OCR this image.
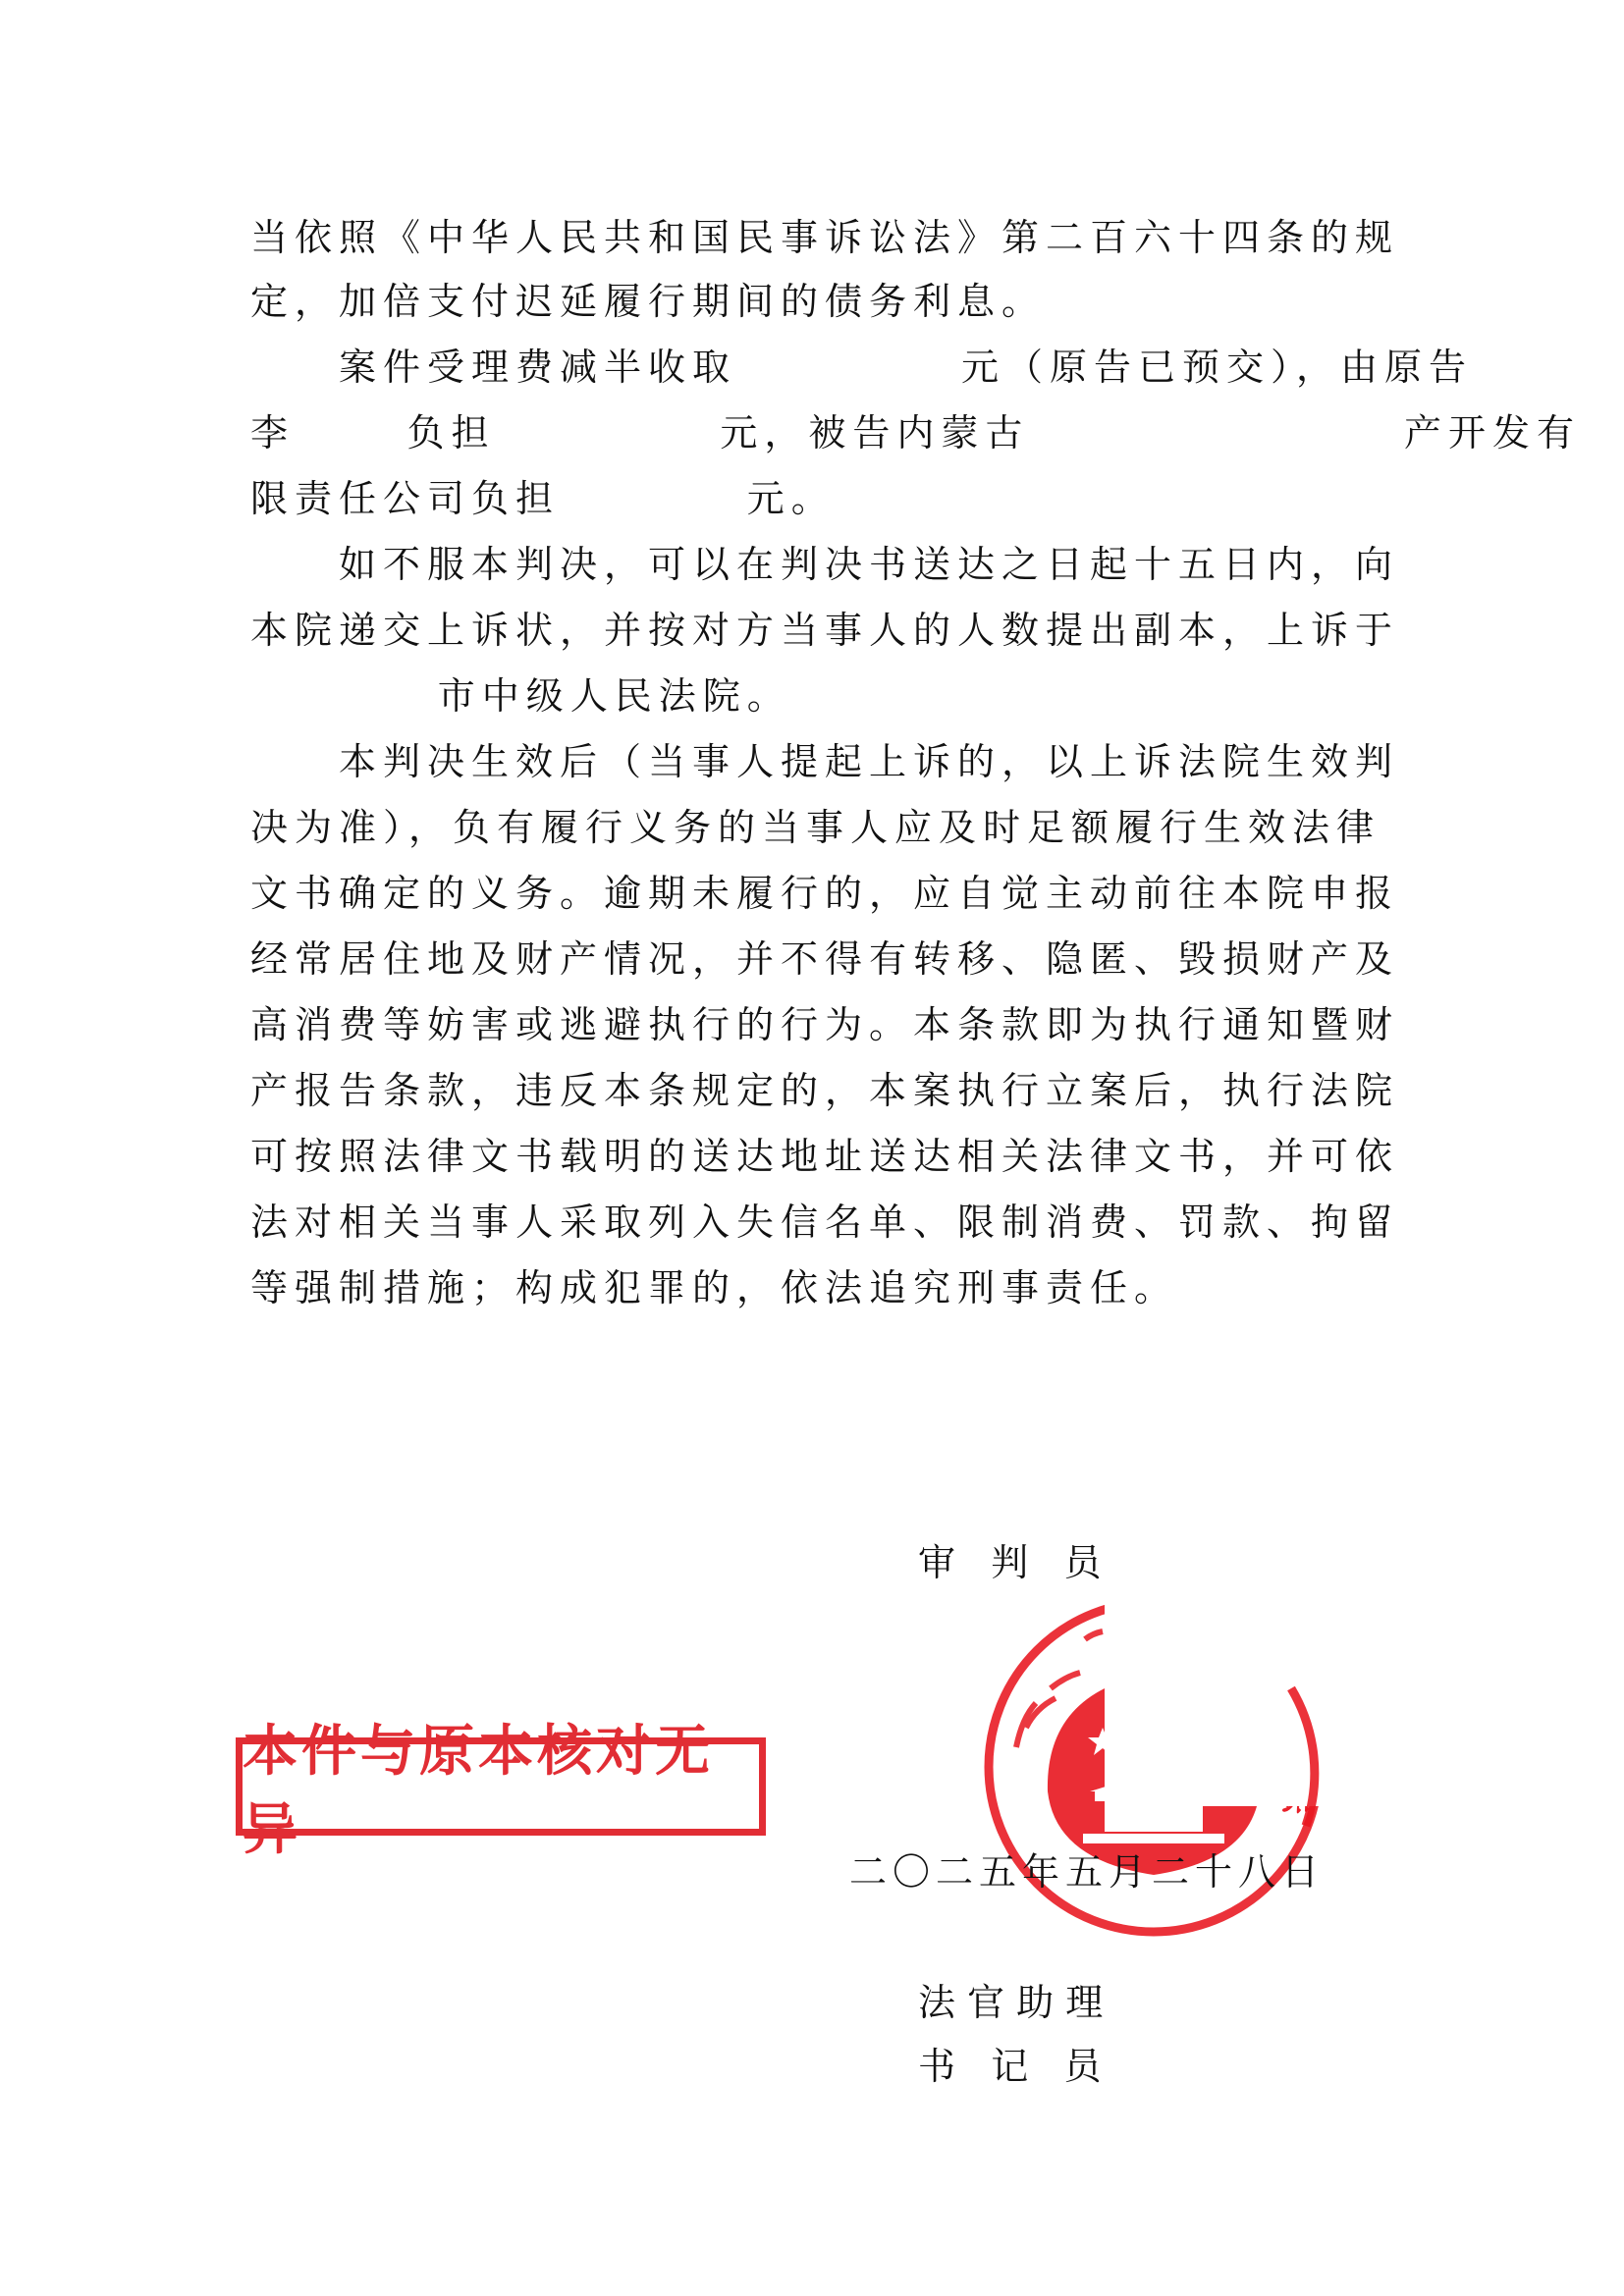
当依照《中华人民共和国民事诉讼法》第二百六十四条的规
定，加倍支付迟延履行期间的债务利息。
案件受理费减半收取            元（原告已预交），由原告
李      负担            元，被告内蒙古                    产开发有
限责任公司负担          元。
如不服本判决，可以在判决书送达之日起十五日内，向
本院递交上诉状，并按对方当事人的人数提出副本，上诉于
市中级人民法院。
本判决生效后（当事人提起上诉的，以上诉法院生效判
决为准），负有履行义务的当事人应及时足额履行生效法律
文书确定的义务。逾期未履行的，应自觉主动前往本院申报
经常居住地及财产情况，并不得有转移、隐匿、毁损财产及
高消费等妨害或逃避执行的行为。本条款即为执行通知暨财
产报告条款，违反本条规定的，本案执行立案后，执行法院
可按照法律文书载明的送达地址送达相关法律文书，并可依
法对相关当事人采取列入失信名单、限制消费、罚款、拘留
等强制措施；构成犯罪的，依法追究刑事责任。
审   判   员
二〇二五年五月二十八日
法 官 助 理
书   记   员
本件与原本核对无异
